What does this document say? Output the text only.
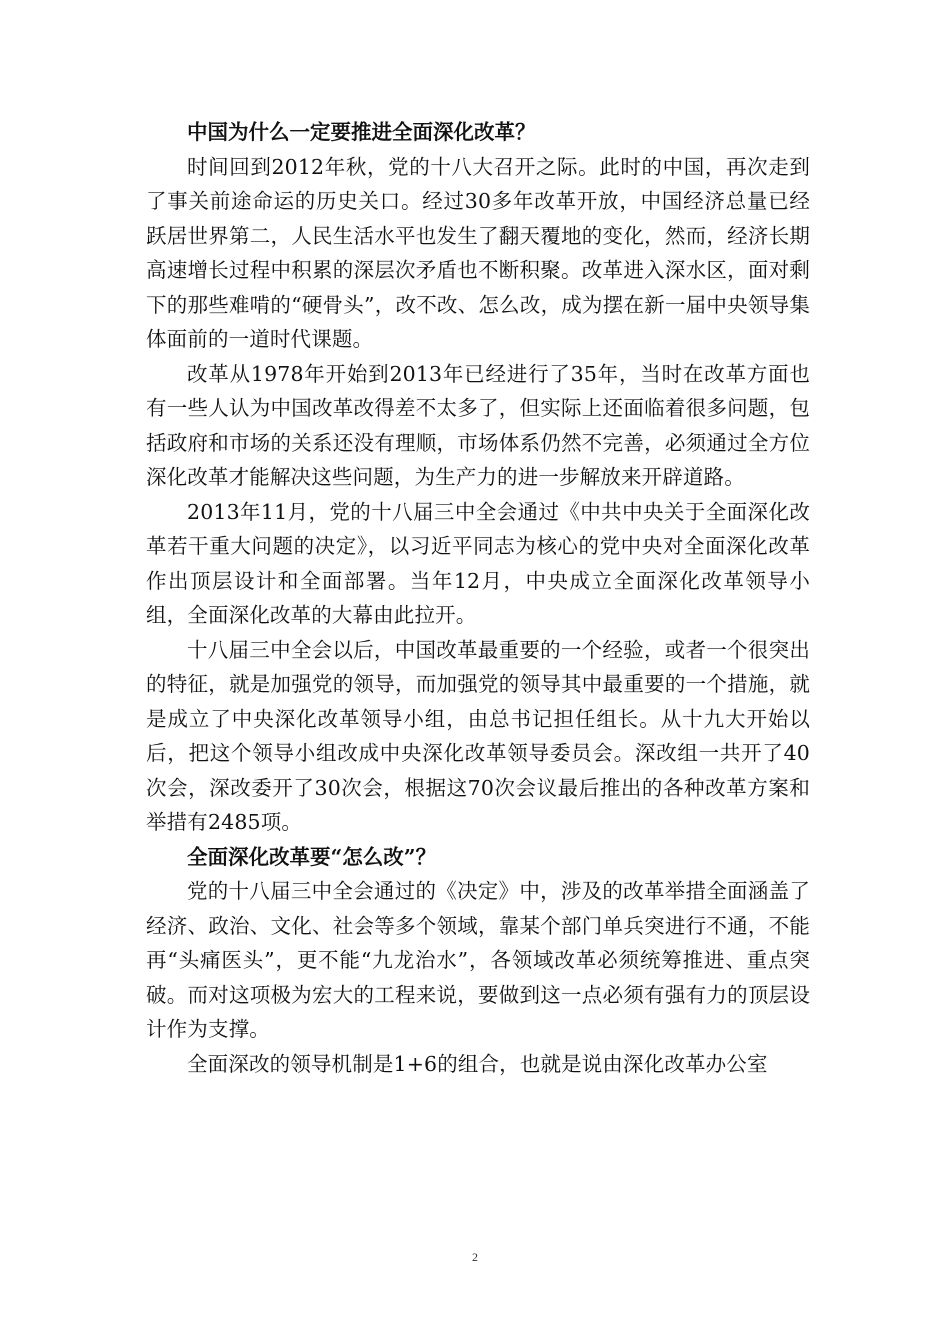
中国为什么一定要推进全面深化改革？

时间回到2012年秋，党的十八大召开之际。此时的中国，再次走到了事关前途命运的历史关口。经过30多年改革开放，中国经济总量已经跃居世界第二，人民生活水平也发生了翻天覆地的变化，然而，经济长期高速增长过程中积累的深层次矛盾也不断积聚。改革进入深水区，面对剩下的那些难啃的“硬骨头”，改不改、怎么改，成为摆在新一届中央领导集体面前的一道时代课题。

改革从1978年开始到2013年已经进行了35年，当时在改革方面也有一些人认为中国改革改得差不太多了，但实际上还面临着很多问题，包括政府和市场的关系还没有理顺，市场体系仍然不完善，必须通过全方位深化改革才能解决这些问题，为生产力的进一步解放来开辟道路。

2013年11月，党的十八届三中全会通过《中共中央关于全面深化改革若干重大问题的决定》，以习近平同志为核心的党中央对全面深化改革作出顶层设计和全面部署。当年12月，中央成立全面深化改革领导小组，全面深化改革的大幕由此拉开。

十八届三中全会以后，中国改革最重要的一个经验，或者一个很突出的特征，就是加强党的领导，而加强党的领导其中最重要的一个措施，就是成立了中央深化改革领导小组，由总书记担任组长。从十九大开始以后，把这个领导小组改成中央深化改革领导委员会。深改组一共开了40次会，深改委开了30次会，根据这70次会议最后推出的各种改革方案和举措有2485项。

全面深化改革要“怎么改”？

党的十八届三中全会通过的《决定》中，涉及的改革举措全面涵盖了经济、政治、文化、社会等多个领域，靠某个部门单兵突进行不通，不能再“头痛医头”，更不能“九龙治水”，各领域改革必须统筹推进、重点突破。而对这项极为宏大的工程来说，要做到这一点必须有强有力的顶层设计作为支撑。

全面深改的领导机制是1+6的组合，也就是说由深化改革办公室

2
